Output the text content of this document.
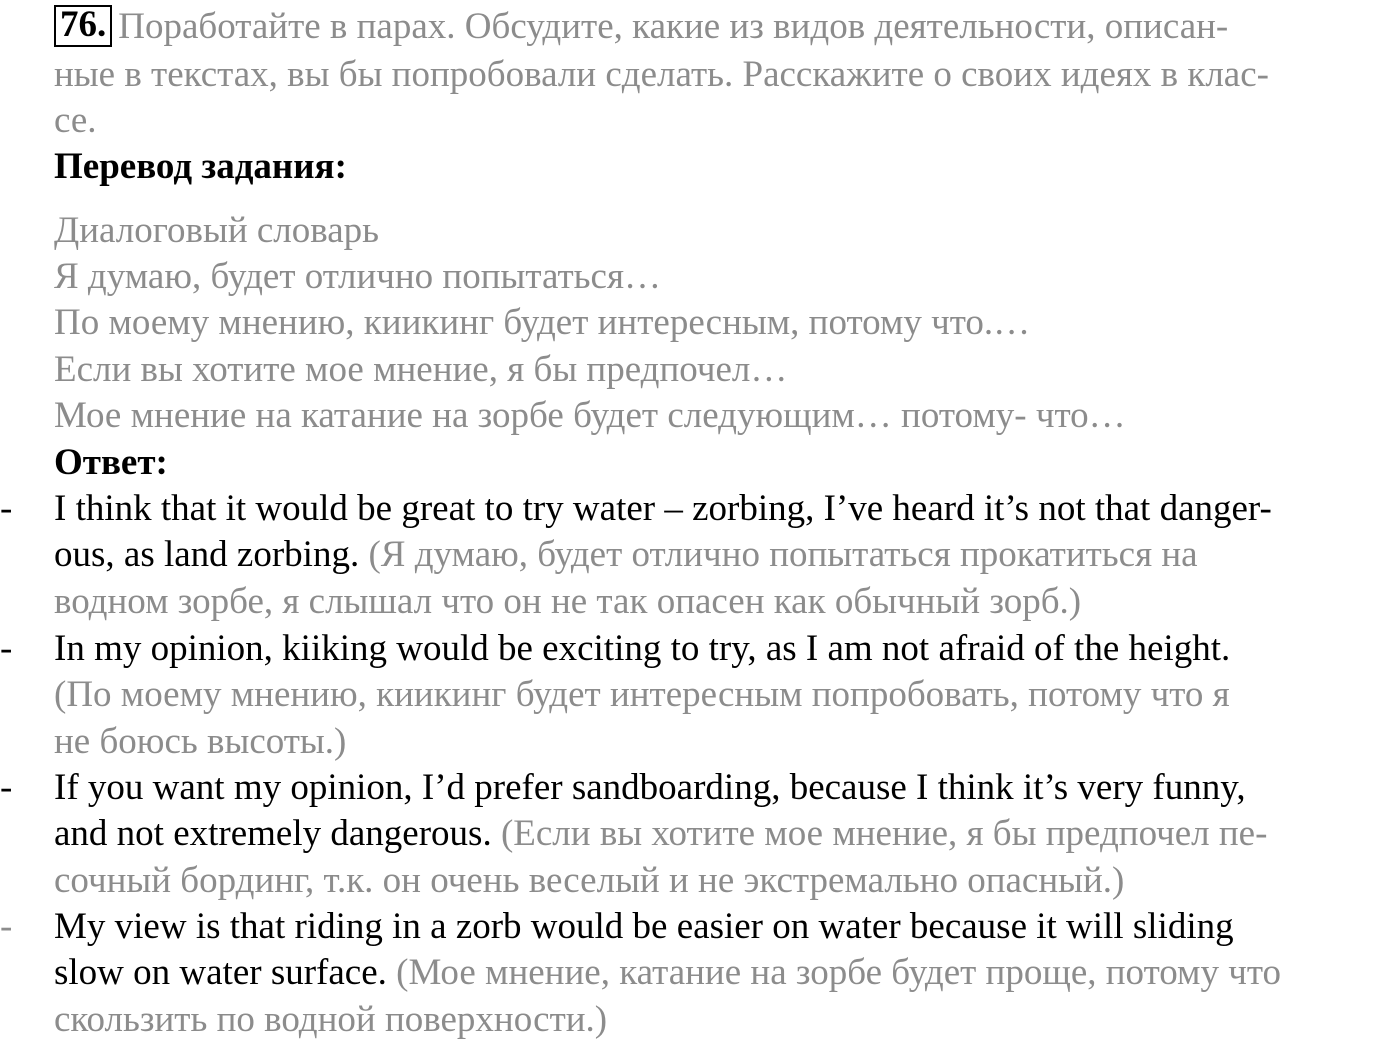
76. Поработайте в парах. Обсудите, какие из видов деятельности, описан-
ные в текстах, вы бы попробовали сделать. Расскажите о своих идеях в клас-
се.
Перевод задания:
Диалоговый словарь
Я думаю, будет отлично попытаться…
По моему мнению, киикинг будет интересным, потому что.…
Если вы хотите мое мнение, я бы предпочел…
Мое мнение на катание на зорбе будет следующим… потому- что…
Ответ:
-	I think that it would be great to try water – zorbing, I’ve heard it’s not that danger-
ous, as land zorbing. (Я думаю, будет отлично попытаться прокатиться на
водном зорбе, я слышал что он не так опасен как обычный зорб.)
-	In my opinion, kiiking would be exciting to try, as I am not afraid of the height.
(По моему мнению, киикинг будет интересным попробовать, потому что я
не боюсь высоты.)
-	If you want my opinion, I’d prefer sandboarding, because I think it’s very funny,
and not extremely dangerous. (Если вы хотите мое мнение, я бы предпочел пе-
сочный бординг, т.к. он очень веселый и не экстремально опасный.)
-	My view is that riding in a zorb would be easier on water because it will sliding
slow on water surface. (Мое мнение, катание на зорбе будет проще, потому что
скользить по водной поверхности.)
